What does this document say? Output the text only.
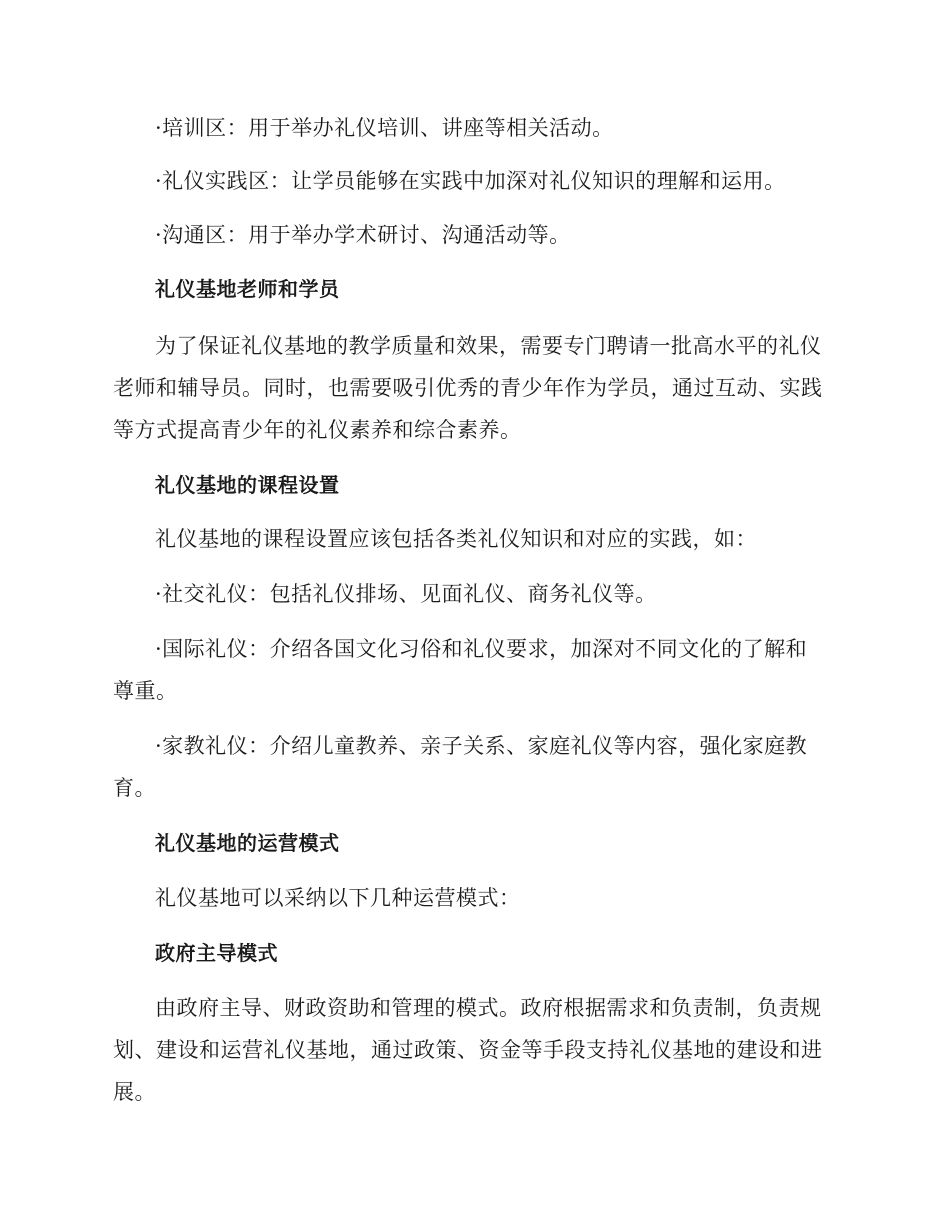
·培训区：用于举办礼仪培训、讲座等相关活动。
·礼仪实践区：让学员能够在实践中加深对礼仪知识的理解和运用。
·沟通区：用于举办学术研讨、沟通活动等。
礼仪基地老师和学员
为了保证礼仪基地的教学质量和效果，需要专门聘请一批高水平的礼仪
老师和辅导员。同时，也需要吸引优秀的青少年作为学员，通过互动、实践
等方式提高青少年的礼仪素养和综合素养。
礼仪基地的课程设置
礼仪基地的课程设置应该包括各类礼仪知识和对应的实践，如：
·社交礼仪：包括礼仪排场、见面礼仪、商务礼仪等。
·国际礼仪：介绍各国文化习俗和礼仪要求，加深对不同文化的了解和
尊重。
·家教礼仪：介绍儿童教养、亲子关系、家庭礼仪等内容，强化家庭教
育。
礼仪基地的运营模式
礼仪基地可以采纳以下几种运营模式：
政府主导模式
由政府主导、财政资助和管理的模式。政府根据需求和负责制，负责规
划、建设和运营礼仪基地，通过政策、资金等手段支持礼仪基地的建设和进
展。
